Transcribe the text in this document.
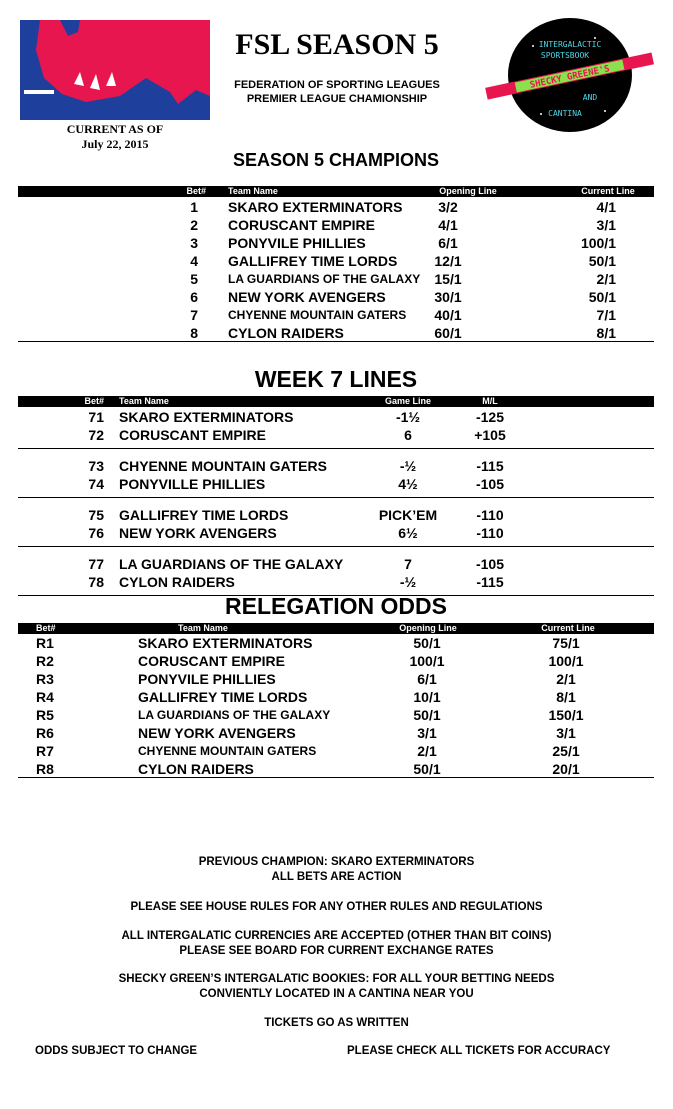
CURRENT AS OF
July 22, 2015
FSL SEASON 5
FEDERATION OF SPORTING LEAGUES
PREMIER LEAGUE CHAMIONSHIP
SHECKY GREENE'S
INTERGALACTIC
SPORTSBOOK
AND
CANTINA
SEASON 5 CHAMPIONS
Bet# Team Name	Opening Line	Current Line
1 SKARO EXTERMINATORS	3/2	4/1
2 CORUSCANT EMPIRE	4/1	3/1
3 PONYVILE PHILLIES	6/1	100/1
4 GALLIFREY TIME LORDS	12/1	50/1
5	LA GUARDIANS OF THE GALAXY	15/1	2/1
6 NEW YORK AVENGERS	30/1	50/1
7	CHYENNE MOUNTAIN GATERS	40/1	7/1
8 CYLON RAIDERS	60/1	8/1
WEEK 7 LINES
Bet# Team Name	Game Line	M/L
71 SKARO EXTERMINATORS	-1½	-125
72 CORUSCANT EMPIRE	6	+105
73 CHYENNE MOUNTAIN GATERS	-½	-115
74 PONYVILLE PHILLIES	4½	-105
75 GALLIFREY TIME LORDS	PICK’EM	-110
76 NEW YORK AVENGERS	6½	-110
77 LA GUARDIANS OF THE GALAXY	7	-105
78 CYLON RAIDERS	-½	-115
RELEGATION ODDS
Bet#	Team Name	Opening Line	Current Line
R1	SKARO EXTERMINATORS	50/1	75/1
R2	CORUSCANT EMPIRE	100/1	100/1
R3	PONYVILE PHILLIES	6/1	2/1
R4	GALLIFREY TIME LORDS	10/1	8/1
R5	LA GUARDIANS OF THE GALAXY	50/1	150/1
R6	NEW YORK AVENGERS	3/1	3/1
R7	CHYENNE MOUNTAIN GATERS	2/1	25/1
R8	CYLON RAIDERS	50/1	20/1
PREVIOUS CHAMPION: SKARO EXTERMINATORS
ALL BETS ARE ACTION
PLEASE SEE HOUSE RULES FOR ANY OTHER RULES AND REGULATIONS
ALL INTERGALATIC CURRENCIES ARE ACCEPTED (OTHER THAN BIT COINS)
PLEASE SEE BOARD FOR CURRENT EXCHANGE RATES
SHECKY GREEN’S INTERGALATIC BOOKIES: FOR ALL YOUR BETTING NEEDS
CONVIENTLY LOCATED IN A CANTINA NEAR YOU
TICKETS GO AS WRITTEN
ODDS SUBJECT TO CHANGE	PLEASE CHECK ALL TICKETS FOR ACCURACY
